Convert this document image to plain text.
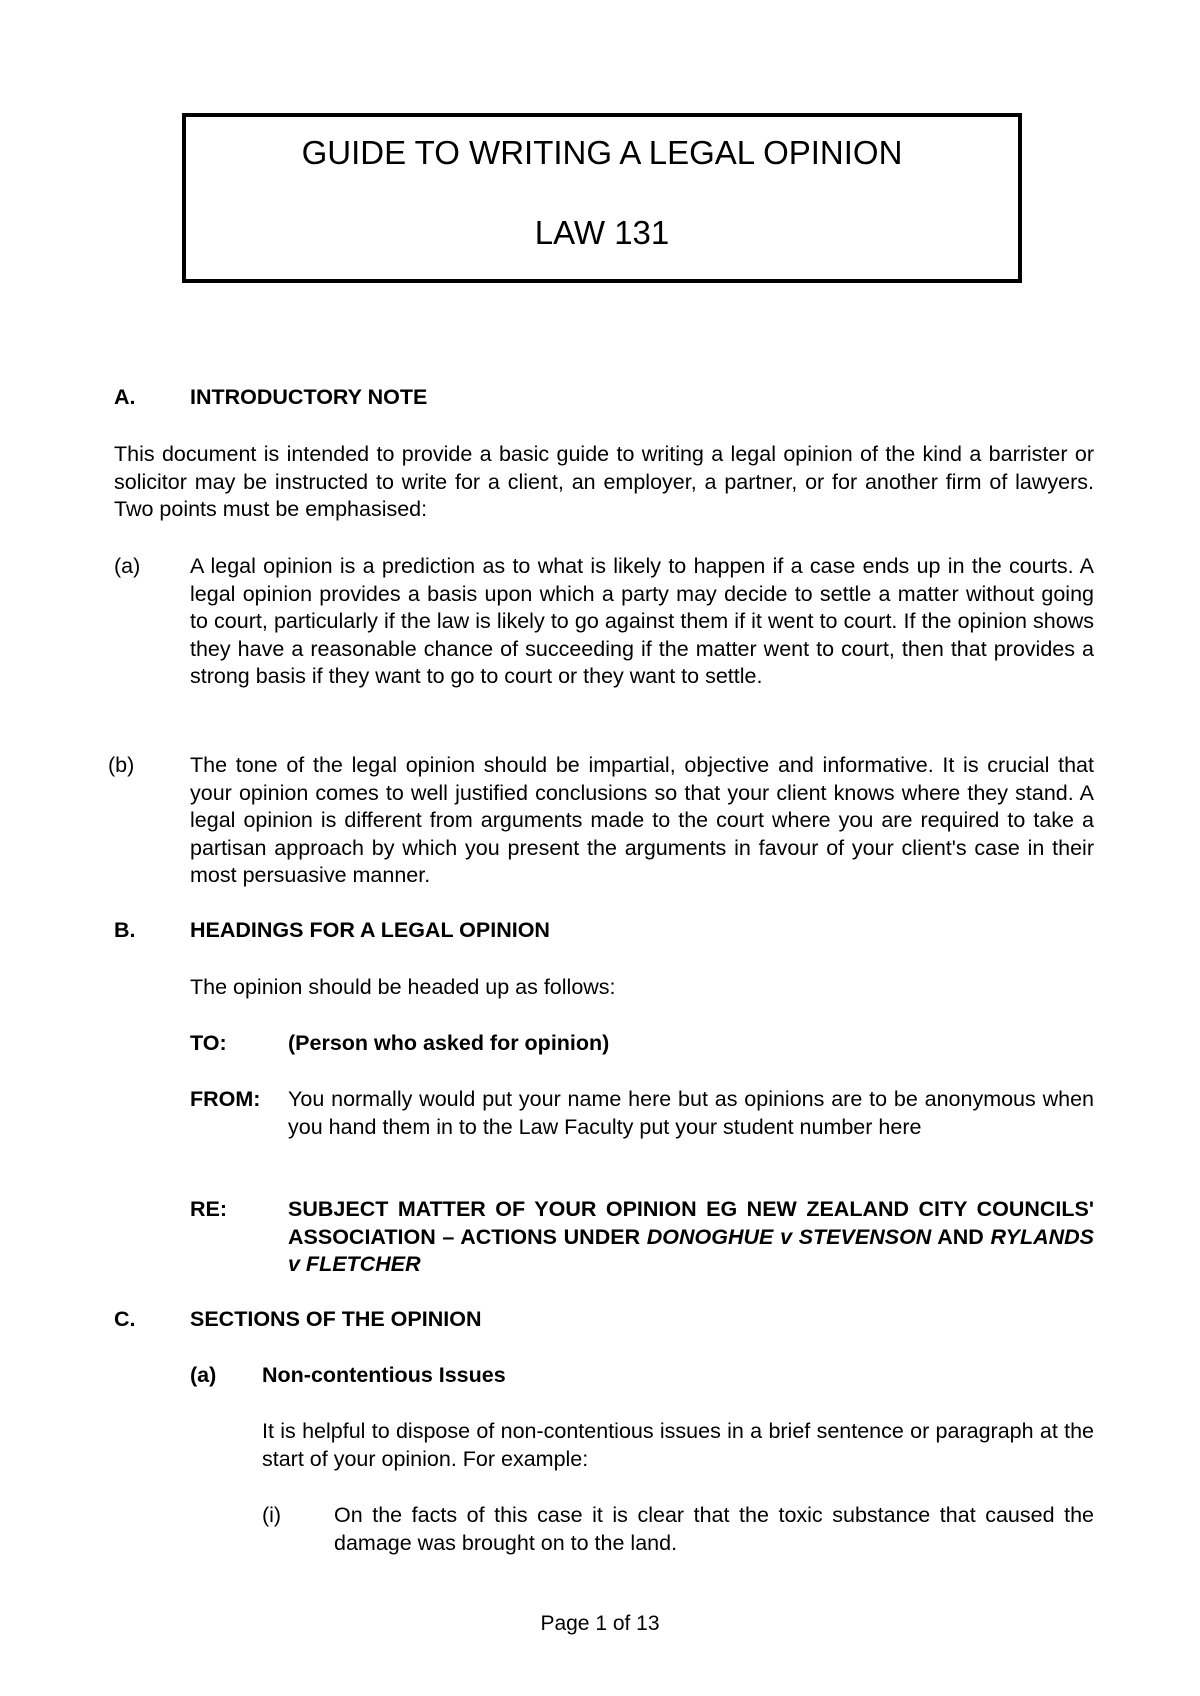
GUIDE TO WRITING A LEGAL OPINION
LAW 131
A.	INTRODUCTORY NOTE
This document is intended to provide a basic guide to writing a legal opinion of the kind a barrister or solicitor may be instructed to write for a client, an employer, a partner, or for another firm of lawyers. Two points must be emphasised:
(a) A legal opinion is a prediction as to what is likely to happen if a case ends up in the courts. A legal opinion provides a basis upon which a party may decide to settle a matter without going to court, particularly if the law is likely to go against them if it went to court. If the opinion shows they have a reasonable chance of succeeding if the matter went to court, then that provides a strong basis if they want to go to court or they want to settle.
(b)	The tone of the legal opinion should be impartial, objective and informative. It is crucial that your opinion comes to well justified conclusions so that your client knows where they stand. A legal opinion is different from arguments made to the court where you are required to take a partisan approach by which you present the arguments in favour of your client's case in their most persuasive manner.
B.	HEADINGS FOR A LEGAL OPINION
The opinion should be headed up as follows:
TO:	(Person who asked for opinion)
FROM: You normally would put your name here but as opinions are to be anonymous when you hand them in to the Law Faculty put your student number here
RE:	SUBJECT MATTER OF YOUR OPINION EG NEW ZEALAND CITY COUNCILS' ASSOCIATION – ACTIONS UNDER DONOGHUE v STEVENSON AND RYLANDS v FLETCHER
C.	SECTIONS OF THE OPINION
(a) Non-contentious Issues
It is helpful to dispose of non-contentious issues in a brief sentence or paragraph at the start of your opinion. For example:
(i) On the facts of this case it is clear that the toxic substance that caused the damage was brought on to the land.
Page 1 of 13
